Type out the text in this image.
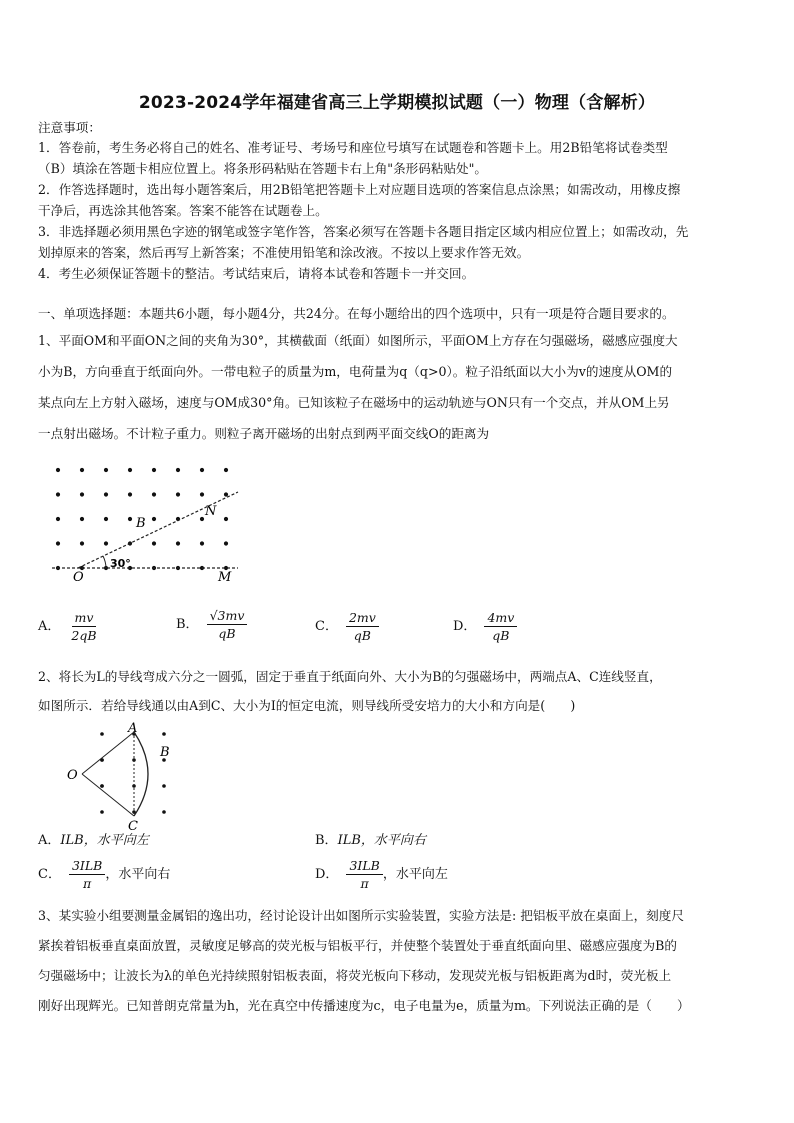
2023-2024学年福建省高三上学期模拟试题（一）物理（含解析）
注意事项：
1．答卷前，考生务必将自己的姓名、准考证号、考场号和座位号填写在试题卷和答题卡上。用2B铅笔将试卷类型
（B）填涂在答题卡相应位置上。将条形码粘贴在答题卡右上角"条形码粘贴处"。
2．作答选择题时，选出每小题答案后，用2B铅笔把答题卡上对应题目选项的答案信息点涂黑；如需改动，用橡皮擦
干净后，再选涂其他答案。答案不能答在试题卷上。
3．非选择题必须用黑色字迹的钢笔或签字笔作答，答案必须写在答题卡各题目指定区域内相应位置上；如需改动，先
划掉原来的答案，然后再写上新答案；不准使用铅笔和涂改液。不按以上要求作答无效。
4．考生必须保证答题卡的整洁。考试结束后，请将本试卷和答题卡一并交回。
一、单项选择题：本题共6小题，每小题4分，共24分。在每小题给出的四个选项中，只有一项是符合题目要求的。
1、平面OM和平面ON之间的夹角为30°，其横截面（纸面）如图所示，平面OM上方存在匀强磁场，磁感应强度大
小为B，方向垂直于纸面向外。一带电粒子的质量为m，电荷量为q（q>0）。粒子沿纸面以大小为v的速度从OM的
某点向左上方射入磁场，速度与OM成30°角。已知该粒子在磁场中的运动轨迹与ON只有一个交点，并从OM上另
一点射出磁场。不计粒子重力。则粒子离开磁场的出射点到两平面交线O的距离为
B
N
O	M
30°
A． $\frac{mv}{2qB}$	B． $\frac{√3mv}{qB}$	C． $\frac{2mv}{qB}$	D． $\frac{4mv}{qB}$
2、将长为L的导线弯成六分之一圆弧，固定于垂直于纸面向外、大小为B的匀强磁场中，两端点A、C连线竖直，
如图所示．若给导线通以由A到C、大小为I的恒定电流，则导线所受安培力的大小和方向是(　　)
A
B
C
O
A．ILB，水平向左	B．ILB，水平向右
C． $\frac{\text{3ILB}}{\pi}$ ，水平向右	D． $\frac{\text{3ILB}}{\pi}$ ，水平向左
3、某实验小组要测量金属铝的逸出功，经讨论设计出如图所示实验装置，实验方法是: 把铝板平放在桌面上，刻度尺
紧挨着铝板垂直桌面放置，灵敏度足够高的荧光板与铝板平行，并使整个装置处于垂直纸面向里、磁感应强度为B的
匀强磁场中；让波长为λ的单色光持续照射铝板表面，将荧光板向下移动，发现荧光板与铝板距离为d时，荧光板上
刚好出现辉光。已知普朗克常量为h，光在真空中传播速度为c，电子电量为e，质量为m。下列说法正确的是（　　）
